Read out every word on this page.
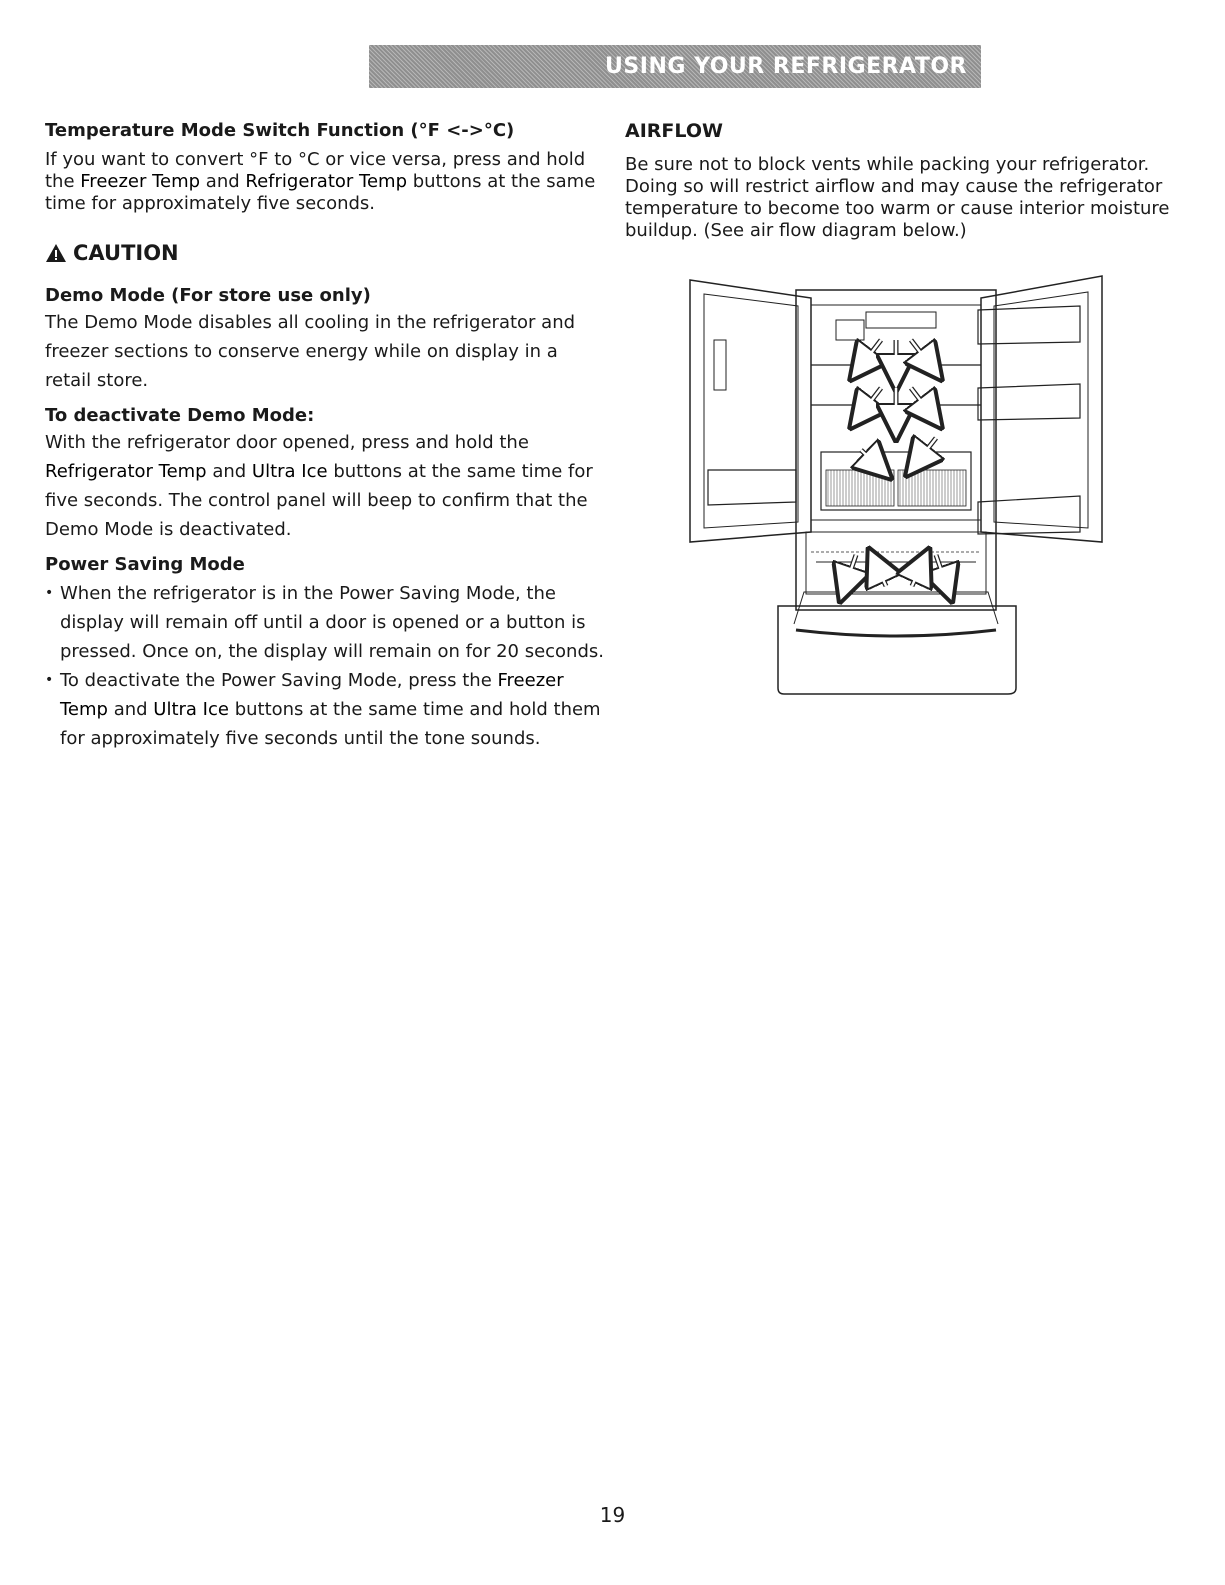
USING YOUR REFRIGERATOR
Temperature Mode Switch Function (°F <->°C)

If you want to convert °F to °C or vice versa, press and hold the Freezer Temp and Refrigerator Temp buttons at the same time for approximately five seconds.

CAUTION
Demo Mode (For store use only)

The Demo Mode disables all cooling in the refrigerator and freezer sections to conserve energy while on display in a retail store.

To deactivate Demo Mode:

With the refrigerator door opened, press and hold the Refrigerator Temp and Ultra Ice buttons at the same time for five seconds. The control panel will beep to confirm that the Demo Mode is deactivated.

Power Saving Mode
• When the refrigerator is in the Power Saving Mode, the display will remain off until a door is opened or a button is pressed. Once on, the display will remain on for 20 seconds.
• To deactivate the Power Saving Mode, press the Freezer Temp and Ultra Ice buttons at the same time and hold them for approximately five seconds until the tone sounds.
AIRFLOW

Be sure not to block vents while packing your refrigerator. Doing so will restrict airflow and may cause the refrigerator temperature to become too warm or cause interior moisture buildup. (See air flow diagram below.)

19
